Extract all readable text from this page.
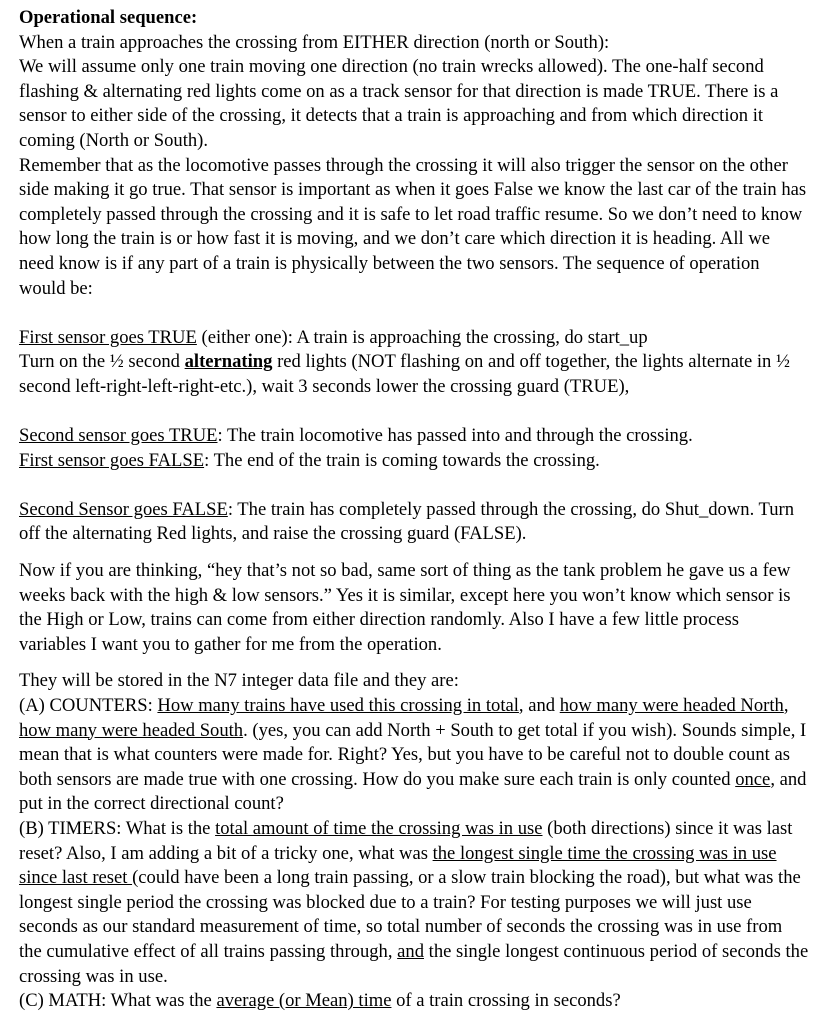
Operational sequence:

When a train approaches the crossing from EITHER direction (north or South):

We will assume only one train moving one direction (no train wrecks allowed). The one-half second flashing & alternating red lights come on as a track sensor for that direction is made TRUE. There is a sensor to either side of the crossing, it detects that a train is approaching and from which direction it coming (North or South).

Remember that as the locomotive passes through the crossing it will also trigger the sensor on the other side making it go true. That sensor is important as when it goes False we know the last car of the train has completely passed through the crossing and it is safe to let road traffic resume. So we don’t need to know how long the train is or how fast it is moving, and we don’t care which direction it is heading. All we need know is if any part of a train is physically between the two sensors. The sequence of operation would be:

First sensor goes TRUE (either one): A train is approaching the crossing, do start_up
Turn on the ½ second alternating red lights (NOT flashing on and off together, the lights alternate in ½ second left-right-left-right-etc.), wait 3 seconds lower the crossing guard (TRUE),

Second sensor goes TRUE: The train locomotive has passed into and through the crossing.

First sensor goes FALSE: The end of the train is coming towards the crossing.

Second Sensor goes FALSE: The train has completely passed through the crossing, do Shut_down. Turn off the alternating Red lights, and raise the crossing guard (FALSE).

Now if you are thinking, “hey that’s not so bad, same sort of thing as the tank problem he gave us a few weeks back with the high & low sensors.” Yes it is similar, except here you won’t know which sensor is the High or Low, trains can come from either direction randomly. Also I have a few little process variables I want you to gather for me from the operation.

They will be stored in the N7 integer data file and they are:

(A) COUNTERS: How many trains have used this crossing in total, and how many were headed North, how many were headed South. (yes, you can add North + South to get total if you wish). Sounds simple, I mean that is what counters were made for. Right? Yes, but you have to be careful not to double count as both sensors are made true with one crossing. How do you make sure each train is only counted once, and put in the correct directional count?

(B) TIMERS: What is the total amount of time the crossing was in use (both directions) since it was last reset? Also, I am adding a bit of a tricky one, what was the longest single time the crossing was in use since last reset (could have been a long train passing, or a slow train blocking the road), but what was the longest single period the crossing was blocked due to a train? For testing purposes we will just use seconds as our standard measurement of time, so total number of seconds the crossing was in use from the cumulative effect of all trains passing through, and the single longest continuous period of seconds the crossing was in use.

(C) MATH: What was the average (or Mean) time of a train crossing in seconds?
